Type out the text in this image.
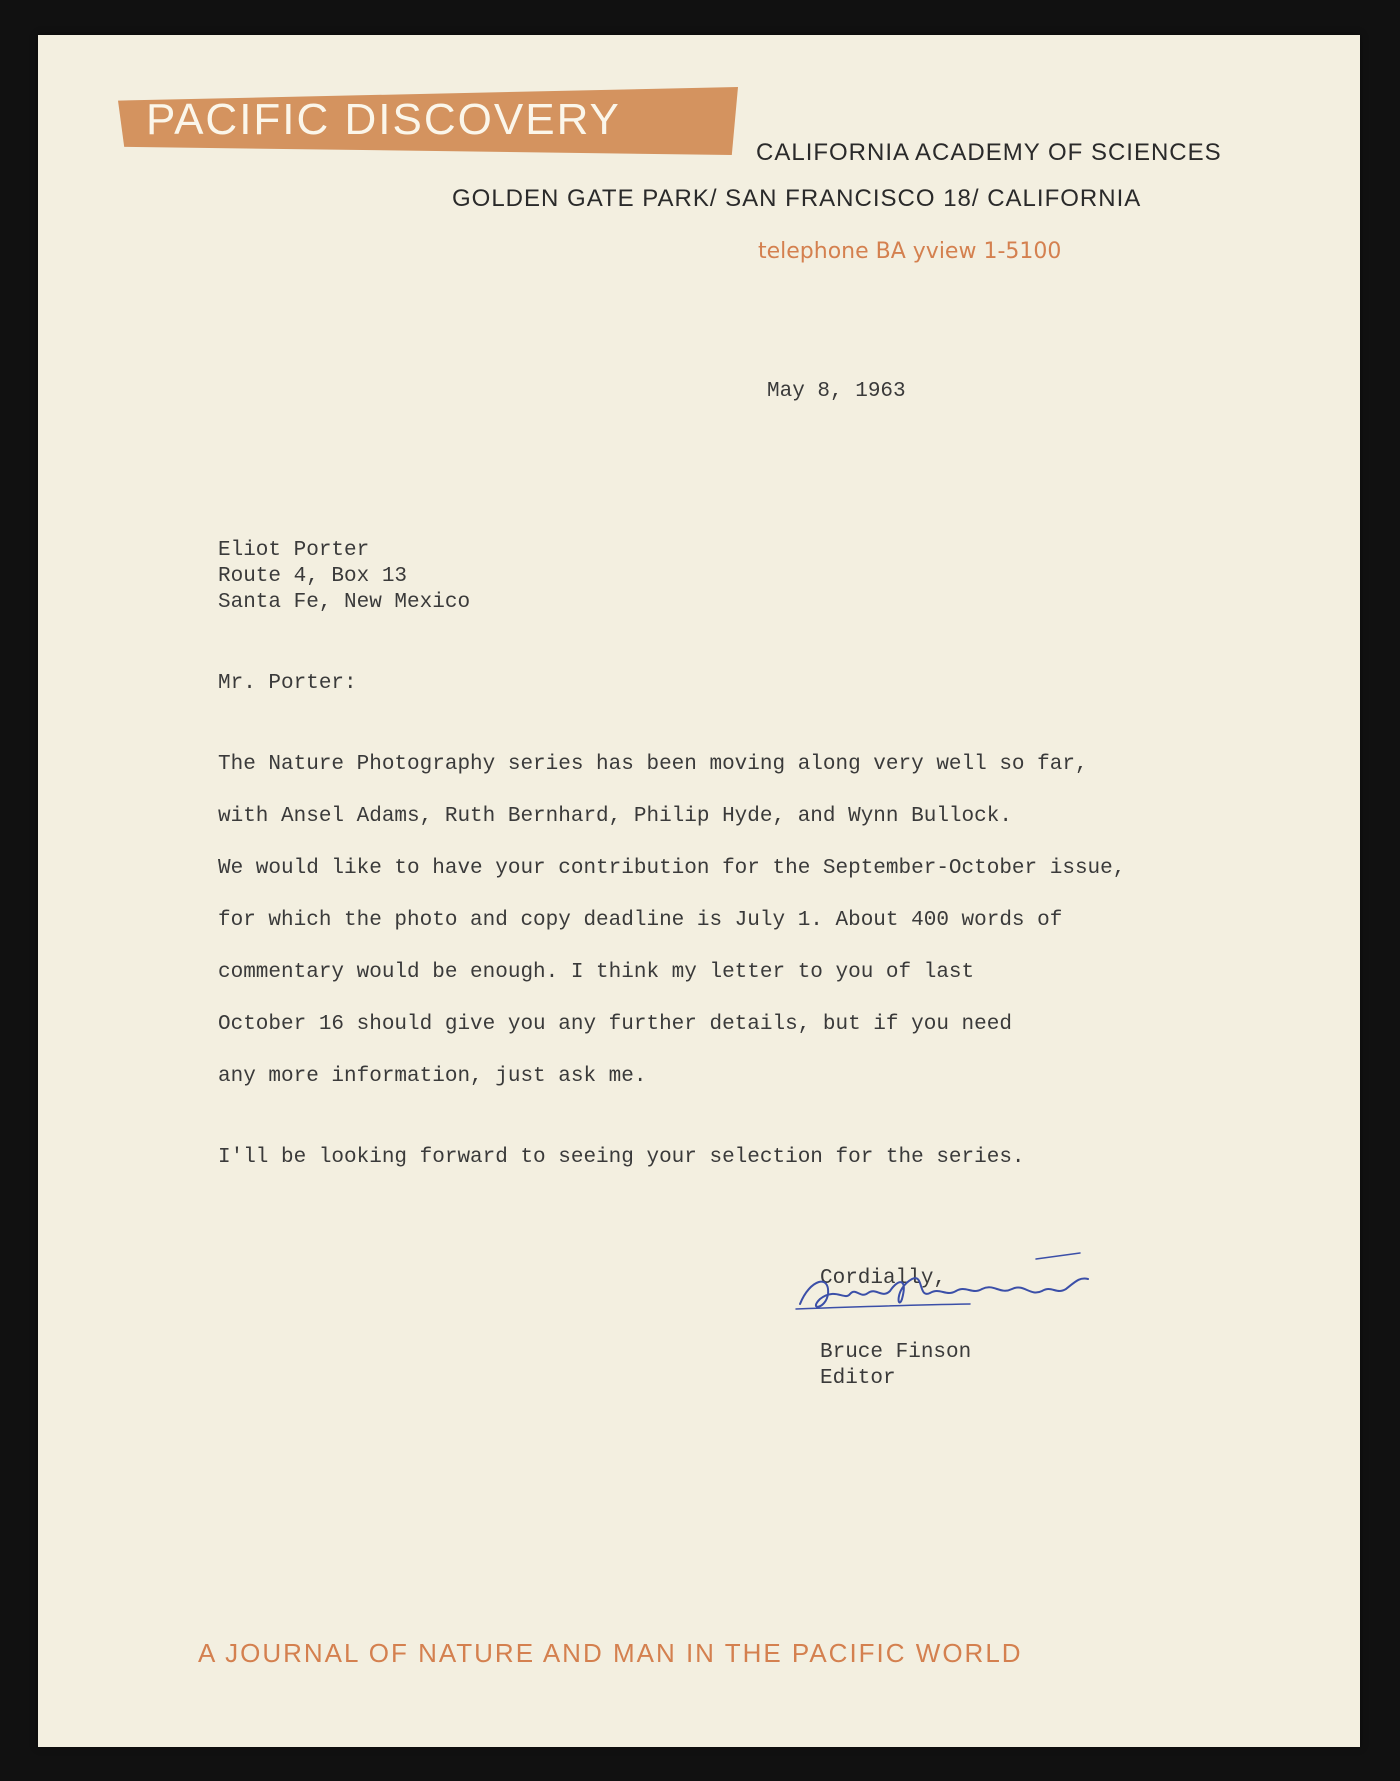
PACIFIC DISCOVERY
CALIFORNIA ACADEMY OF SCIENCES
GOLDEN GATE PARK/ SAN FRANCISCO 18/ CALIFORNIA
telephone BA yview 1-5100
May 8, 1963
Eliot Porter
Route 4, Box 13
Santa Fe, New Mexico
Mr. Porter:
The Nature Photography series has been moving along very well so far,
with Ansel Adams, Ruth Bernhard, Philip Hyde, and Wynn Bullock.
We would like to have your contribution for the September-October issue,
for which the photo and copy deadline is July 1. About 400 words of
commentary would be enough. I think my letter to you of last
October 16 should give you any further details, but if you need
any more information, just ask me.
I'll be looking forward to seeing your selection for the series.
Cordially,
Bruce Finson
Editor
A JOURNAL OF NATURE AND MAN IN THE PACIFIC WORLD
